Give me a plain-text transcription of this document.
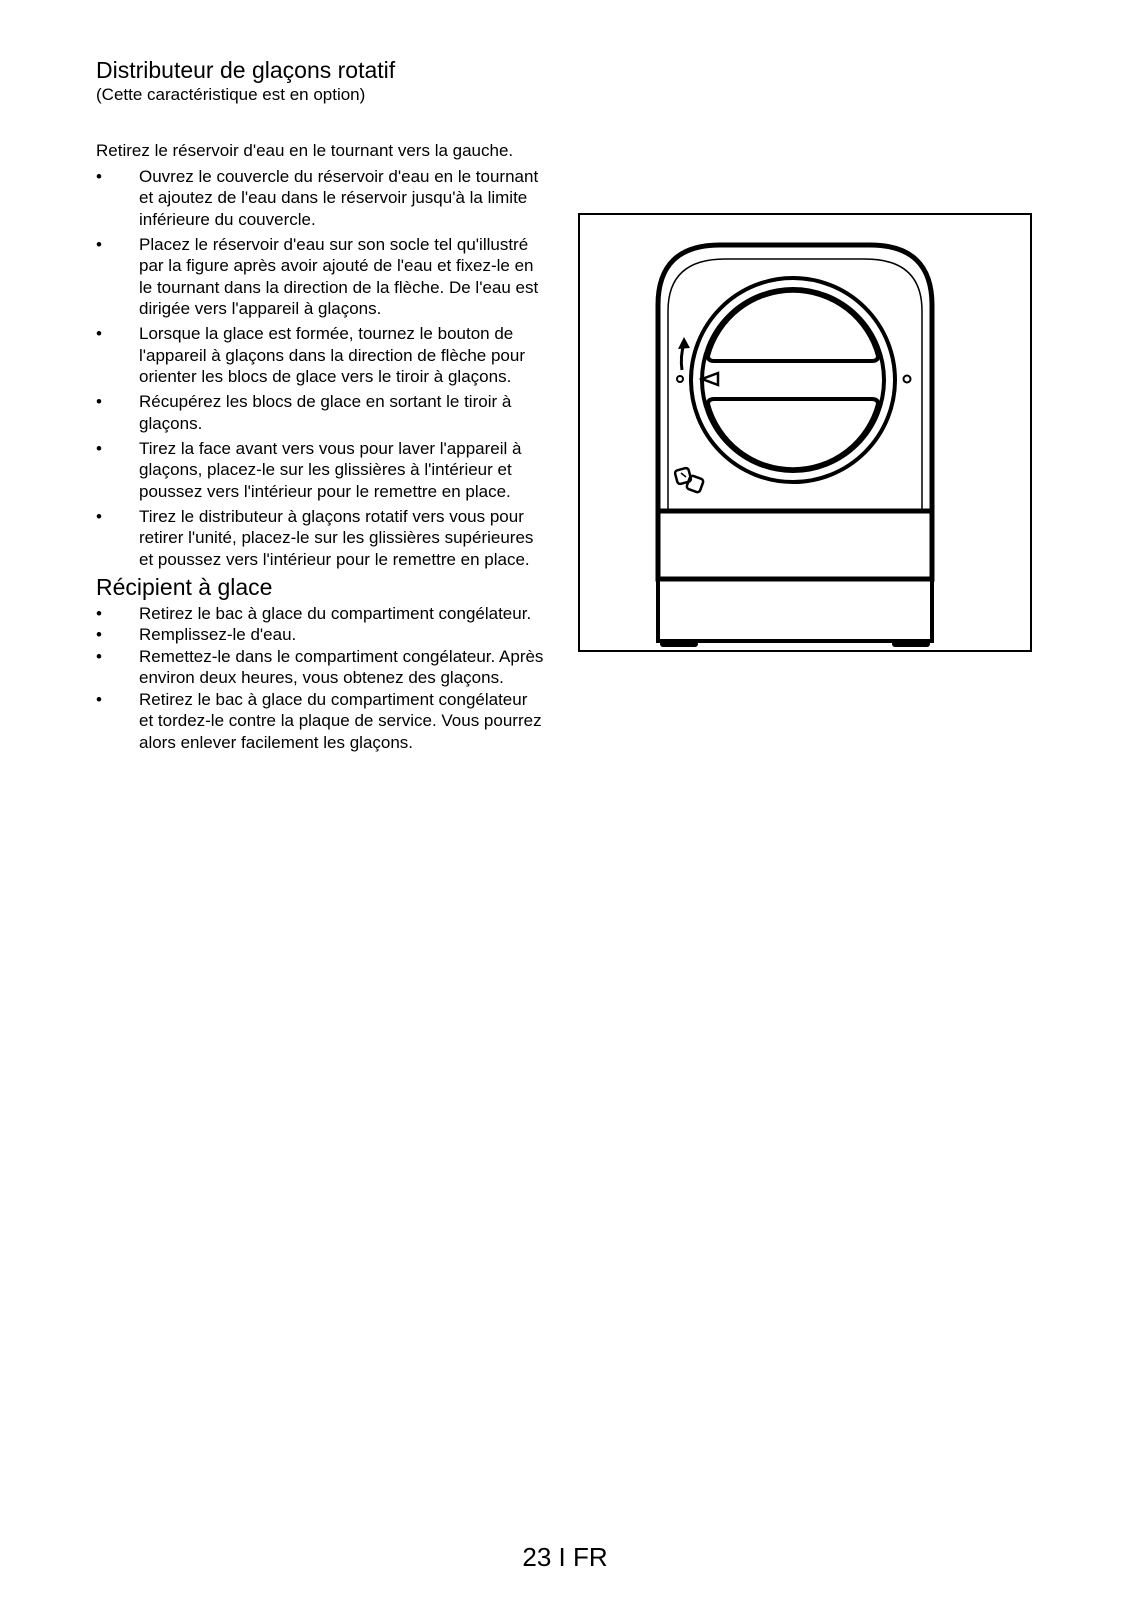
Distributeur de glaçons rotatif

(Cette caractéristique est en option)

Retirez le réservoir d'eau en le tournant vers la gauche.

• Ouvrez le couvercle du réservoir d'eau en le tournant et ajoutez de l'eau dans le réservoir jusqu'à la limite inférieure du couvercle.
• Placez le réservoir d'eau sur son socle tel qu'illustré par la figure après avoir ajouté de l'eau et fixez-le en le tournant dans la direction de la flèche. De l'eau est dirigée vers l'appareil à glaçons.
• Lorsque la glace est formée, tournez le bouton de l'appareil à glaçons dans la direction de flèche pour orienter les blocs de glace vers le tiroir à glaçons.
• Récupérez les blocs de glace en sortant le tiroir à glaçons.
• Tirez la face avant vers vous pour laver l'appareil à glaçons, placez-le sur les glissières à l'intérieur et poussez vers l'intérieur pour le remettre en place.
• Tirez le distributeur à glaçons rotatif vers vous pour retirer l'unité, placez-le sur les glissières supérieures et poussez vers l'intérieur pour le remettre en place.
Récipient à glace
• Retirez le bac à glace du compartiment congélateur.
• Remplissez-le d'eau.
• Remettez-le dans le compartiment congélateur. Après environ deux heures, vous obtenez des glaçons.
• Retirez le bac à glace du compartiment congélateur et tordez-le contre la plaque de service. Vous pourrez alors enlever facilement les glaçons.
23 I FR
